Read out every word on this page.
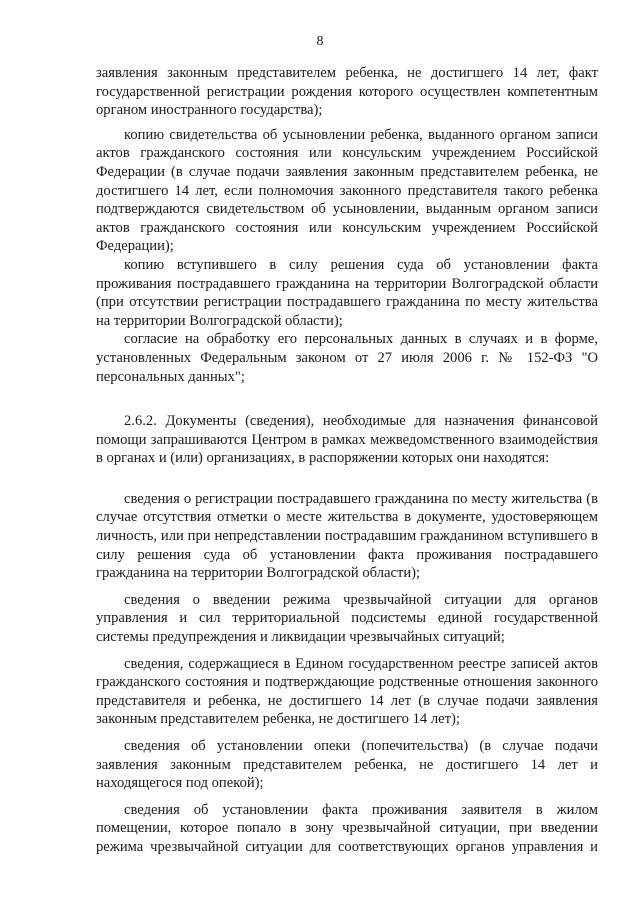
8

заявления законным представителем ребенка, не достигшего 14 лет, факт государственной регистрации рождения которого осуществлен компетентным органом иностранного государства);

копию свидетельства об усыновлении ребенка, выданного органом записи актов гражданского состояния или консульским учреждением Российской Федерации (в случае подачи заявления законным представителем ребенка, не достигшего 14 лет, если полномочия законного представителя такого ребенка подтверждаются свидетельством об усыновлении, выданным органом записи актов гражданского состояния или консульским учреждением Российской Федерации);

копию вступившего в силу решения суда об установлении факта проживания пострадавшего гражданина на территории Волгоградской области (при отсутствии регистрации пострадавшего гражданина по месту жительства на территории Волгоградской области);

согласие на обработку его персональных данных в случаях и в форме, установленных Федеральным законом от 27 июля 2006 г. № 152-ФЗ "О персональных данных";

2.6.2. Документы (сведения), необходимые для назначения финансовой помощи запрашиваются Центром в рамках межведомственного взаимодействия в органах и (или) организациях, в распоряжении которых они находятся:

сведения о регистрации пострадавшего гражданина по месту жительства (в случае отсутствия отметки о месте жительства в документе, удостоверяющем личность, или при непредставлении пострадавшим гражданином вступившего в силу решения суда об установлении факта проживания пострадавшего гражданина на территории Волгоградской области);

сведения о введении режима чрезвычайной ситуации для органов управления и сил территориальной подсистемы единой государственной системы предупреждения и ликвидации чрезвычайных ситуаций;

сведения, содержащиеся в Едином государственном реестре записей актов гражданского состояния и подтверждающие родственные отношения законного представителя и ребенка, не достигшего 14 лет (в случае подачи заявления законным представителем ребенка, не достигшего 14 лет);

сведения об установлении опеки (попечительства) (в случае подачи заявления законным представителем ребенка, не достигшего 14 лет и находящегося под опекой);

сведения об установлении факта проживания заявителя в жилом помещении, которое попало в зону чрезвычайной ситуации, при введении режима чрезвычайной ситуации для соответствующих органов управления и
